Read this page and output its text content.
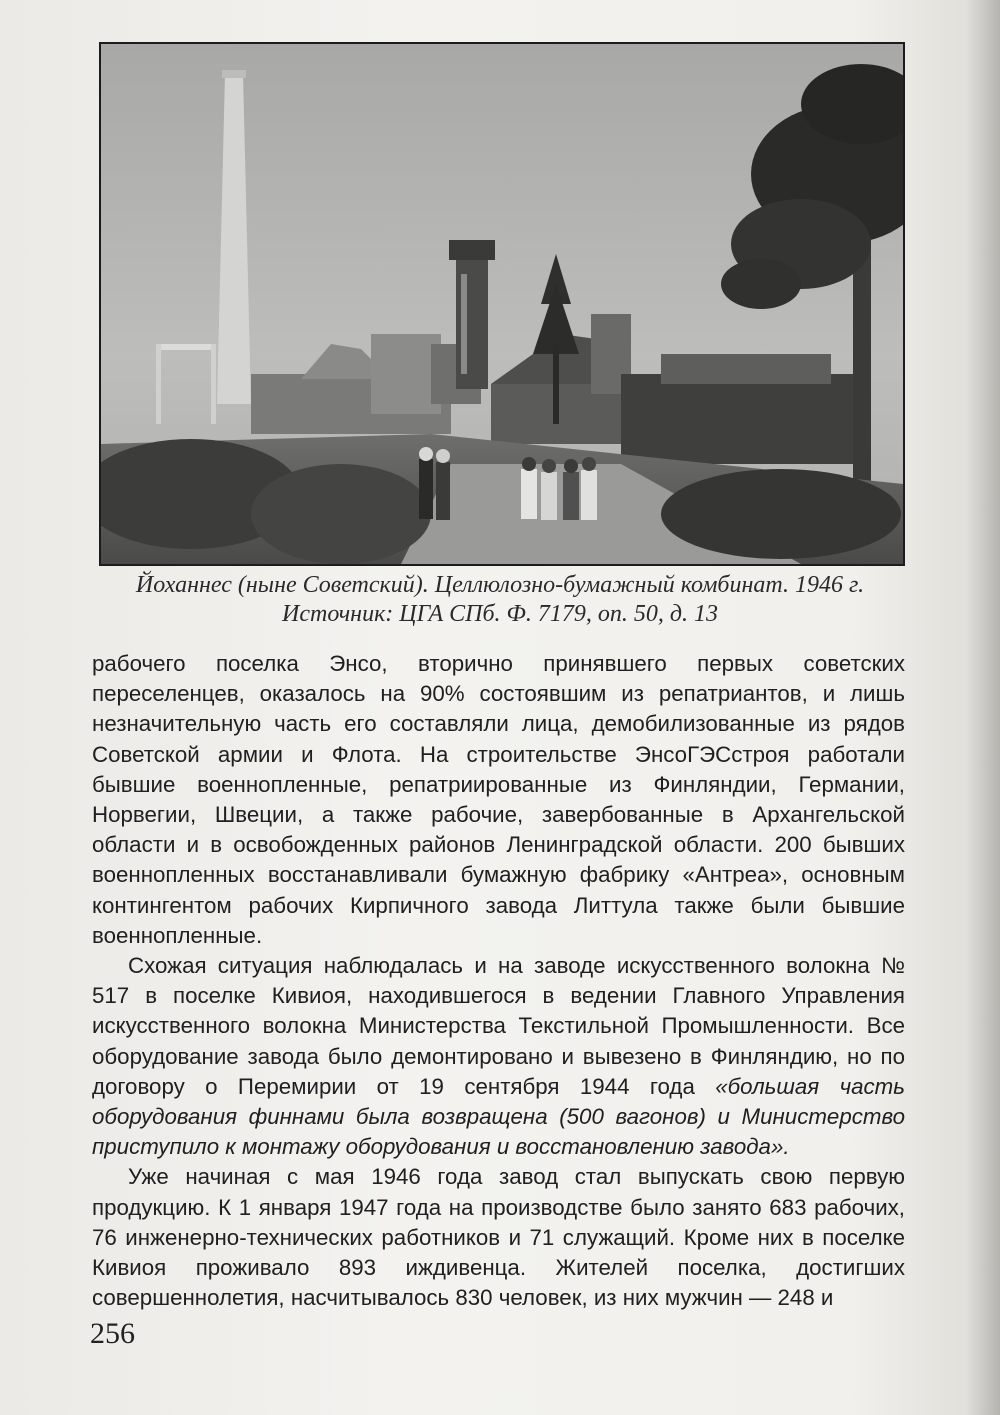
Йоханнес (ныне Советский). Целлюлозно-бумажный комбинат. 1946 г.
Источник: ЦГА СПб. Ф. 7179, оп. 50, д. 13

рабочего поселка Энсо, вторично принявшего первых советских переселенцев, оказалось на 90% состоявшим из репатриантов, и лишь незначительную часть его составляли лица, демобилизованные из рядов Советской армии и Флота. На строительстве ЭнсоГЭСстроя работали бывшие военнопленные, репатриированные из Финляндии, Германии, Норвегии, Швеции, а также рабочие, завербованные в Архангельской области и в освобожденных районов Ленинградской области. 200 бывших военнопленных восстанавливали бумажную фабрику «Антреа», основным контингентом рабочих Кирпичного завода Литтула также были бывшие военнопленные.

Схожая ситуация наблюдалась и на заводе искусственного волокна № 517 в поселке Кивиоя, находившегося в ведении Главного Управления искусственного волокна Министерства Текстильной Промышленности. Все оборудование завода было демонтировано и вывезено в Финляндию, но по договору о Перемирии от 19 сентября 1944 года «большая часть оборудования финнами была возвращена (500 вагонов) и Министерство приступило к монтажу оборудования и восстановлению завода».

Уже начиная с мая 1946 года завод стал выпускать свою первую продукцию. К 1 января 1947 года на производстве было занято 683 рабочих, 76 инженерно-технических работников и 71 служащий. Кроме них в поселке Кивиоя проживало 893 иждивенца. Жителей поселка, достигших совершеннолетия, насчитывалось 830 человек, из них мужчин — 248 и

256
